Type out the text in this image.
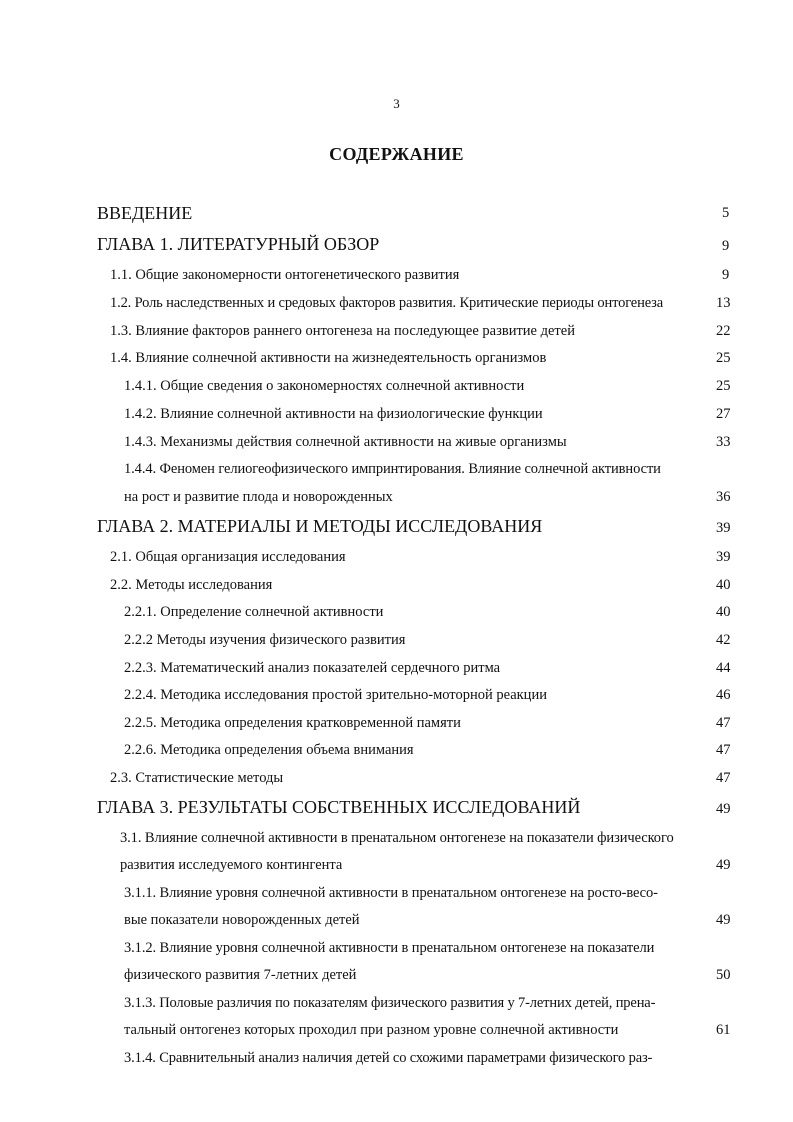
3
СОДЕРЖАНИЕ
ВВЕДЕНИЕ	5
ГЛАВА 1. ЛИТЕРАТУРНЫЙ ОБЗОР	9
1.1. Общие закономерности онтогенетического развития	9
1.2. Роль наследственных и средовых факторов развития. Критические периоды онтогенеза	13
1.3. Влияние факторов раннего онтогенеза на последующее развитие детей	22
1.4. Влияние солнечной активности на жизнедеятельность организмов	25
1.4.1. Общие сведения о закономерностях солнечной активности	25
1.4.2. Влияние солнечной активности на физиологические функции	27
1.4.3. Механизмы действия солнечной активности на живые организмы	33
1.4.4. Феномен гелиогеофизического импринтирования. Влияние солнечной активности
на рост и развитие плода и новорожденных	36
ГЛАВА 2. МАТЕРИАЛЫ И МЕТОДЫ ИССЛЕДОВАНИЯ	39
2.1. Общая организация исследования	39
2.2. Методы исследования	40
2.2.1. Определение солнечной активности	40
2.2.2 Методы изучения физического развития	42
2.2.3. Математический анализ показателей сердечного ритма	44
2.2.4. Методика исследования простой зрительно-моторной реакции	46
2.2.5. Методика определения кратковременной памяти	47
2.2.6. Методика определения объема внимания	47
2.3. Статистические методы	47
ГЛАВА 3. РЕЗУЛЬТАТЫ СОБСТВЕННЫХ ИССЛЕДОВАНИЙ	49
3.1. Влияние солнечной активности в пренатальном онтогенезе на показатели физического
развития исследуемого контингента	49
3.1.1. Влияние уровня солнечной активности в пренатальном онтогенезе на росто-весо-
вые показатели новорожденных детей	49
3.1.2. Влияние уровня солнечной активности в пренатальном онтогенезе на показатели
физического развития 7-летних детей	50
3.1.3. Половые различия по показателям физического развития у 7-летних детей, прена-
тальный онтогенез которых проходил при разном уровне солнечной активности	61
3.1.4. Сравнительный анализ наличия детей со схожими параметрами физического раз-
